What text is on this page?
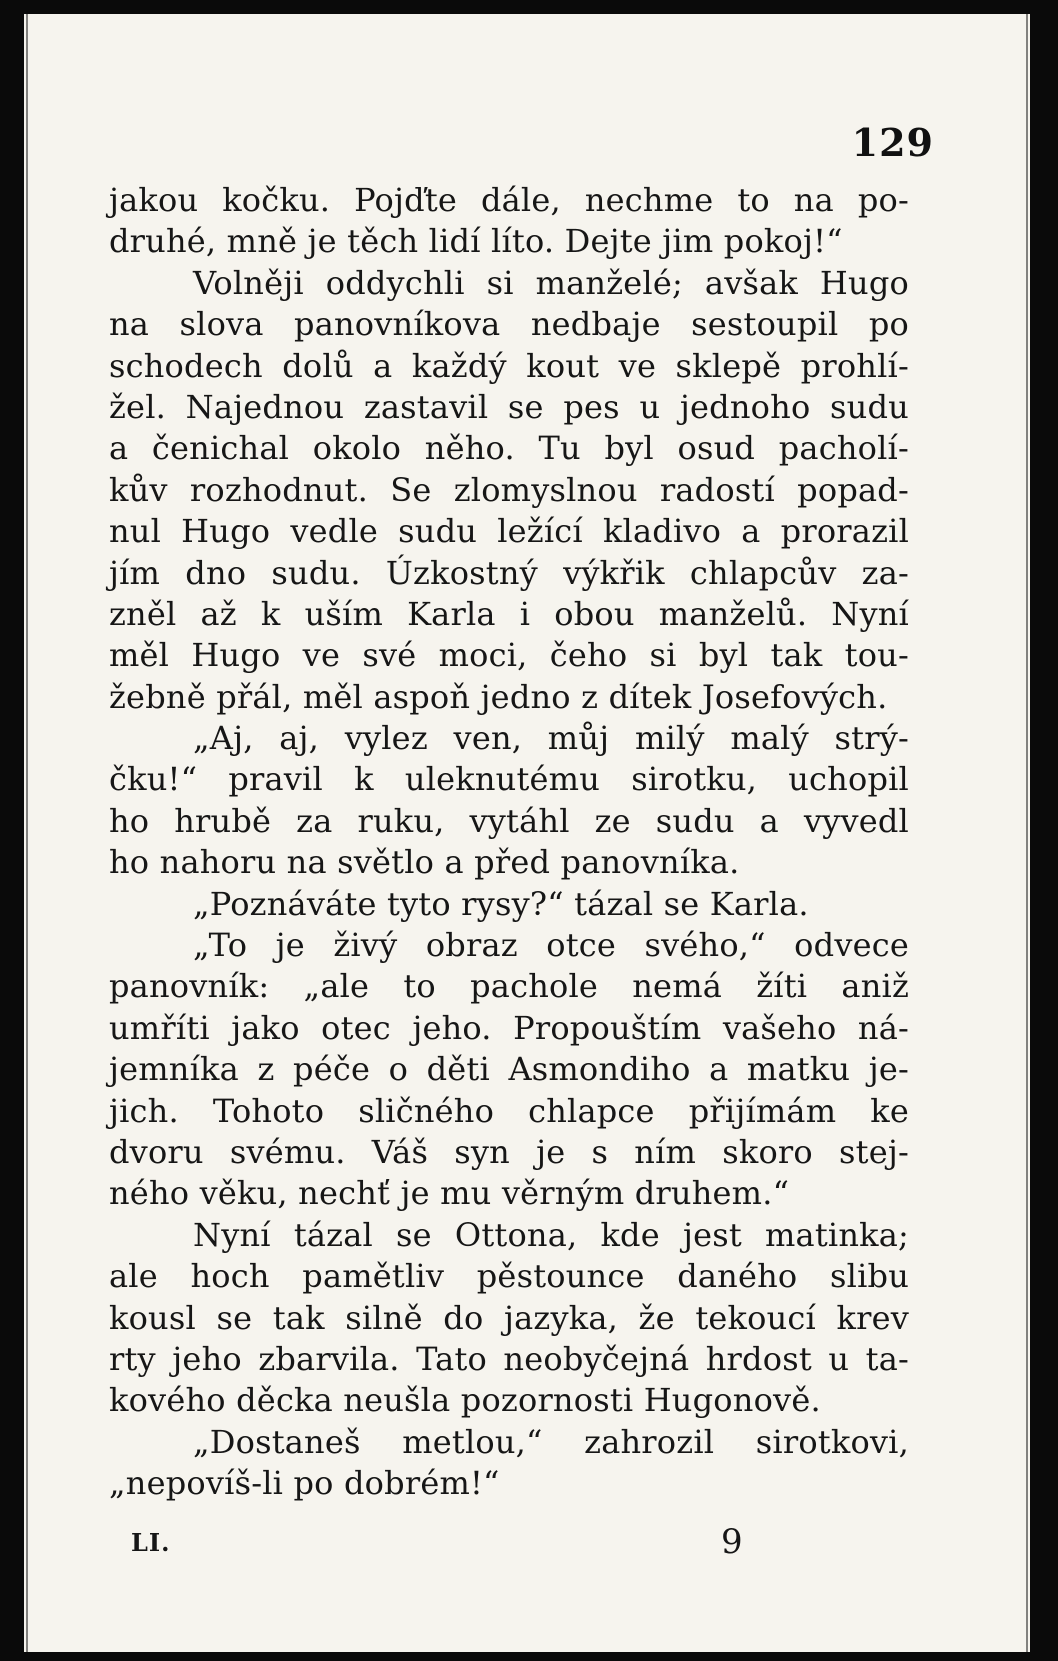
129
jakou kočku. Pojďte dále, nechme to na po-
druhé, mně je těch lidí líto. Dejte jim pokoj!“
Volněji oddychli si manželé; avšak Hugo
na slova panovníkova nedbaje sestoupil po
schodech dolů a každý kout ve sklepě prohlí-
žel. Najednou zastavil se pes u jednoho sudu
a čenichal okolo něho. Tu byl osud pacholí-
kův rozhodnut. Se zlomyslnou radostí popad-
nul Hugo vedle sudu ležící kladivo a prorazil
jím dno sudu. Úzkostný výkřik chlapcův za-
zněl až k uším Karla i obou manželů. Nyní
měl Hugo ve své moci, čeho si byl tak tou-
žebně přál, měl aspoň jedno z dítek Josefových.
„Aj, aj, vylez ven, můj milý malý strý-
čku!“ pravil k uleknutému sirotku, uchopil
ho hrubě za ruku, vytáhl ze sudu a vyvedl
ho nahoru na světlo a před panovníka.
„Poznáváte tyto rysy?“ tázal se Karla.
„To je živý obraz otce svého,“ odvece
panovník: „ale to pachole nemá žíti aniž
umříti jako otec jeho. Propouštím vašeho ná-
jemníka z péče o děti Asmondiho a matku je-
jich. Tohoto sličného chlapce přijímám ke
dvoru svému. Váš syn je s ním skoro stej-
ného věku, nechť je mu věrným druhem.“
Nyní tázal se Ottona, kde jest matinka;
ale hoch pamětliv pěstounce daného slibu
kousl se tak silně do jazyka, že tekoucí krev
rty jeho zbarvila. Tato neobyčejná hrdost u ta-
kového děcka neušla pozornosti Hugonově.
„Dostaneš metlou,“ zahrozil sirotkovi,
„nepovíš-li po dobrém!“
LI.	9
